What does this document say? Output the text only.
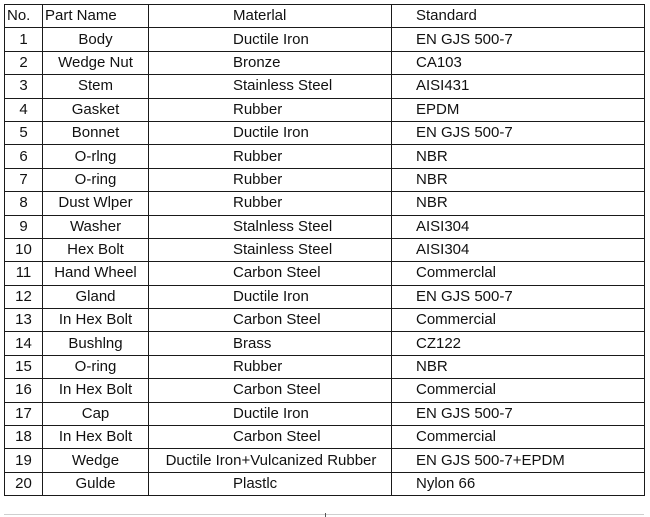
No.	Part Name	Materlal	Standard
1	Body	Ductile Iron	EN GJS 500-7
2	Wedge Nut	Bronze	CA103
3	Stem	Stainless Steel	AISI431
4	Gasket	Rubber	EPDM
5	Bonnet	Ductile Iron	EN GJS 500-7
6	O-rlng	Rubber	NBR
7	O-ring	Rubber	NBR
8	Dust Wlper	Rubber	NBR
9	Washer	Stalnless Steel	AISI304
10	Hex Bolt	Stainless Steel	AISI304
11	Hand Wheel	Carbon Steel	Commerclal
12	Gland	Ductile Iron	EN GJS 500-7
13	In Hex Bolt	Carbon Steel	Commercial
14	Bushlng	Brass	CZ122
15	O-ring	Rubber	NBR
16	In Hex Bolt	Carbon Steel	Commercial
17	Cap	Ductile Iron	EN GJS 500-7
18	In Hex Bolt	Carbon Steel	Commercial
19	Wedge	Ductile Iron+Vulcanized Rubber	EN GJS 500-7+EPDM
20	Gulde	Plastlc	Nylon 66
